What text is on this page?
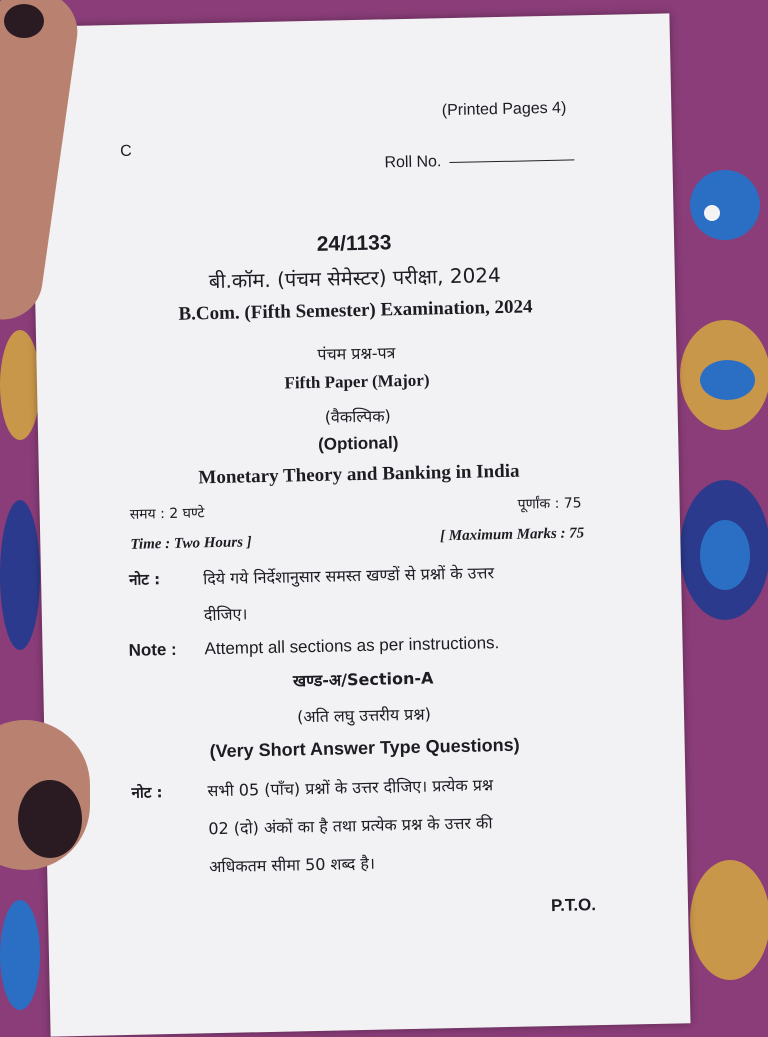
(Printed Pages 4)
C
Roll No.
24/1133
बी.कॉम. (पंचम सेमेस्टर) परीक्षा, 2024
B.Com. (Fifth Semester) Examination, 2024
पंचम प्रश्न-पत्र
Fifth Paper (Major)
(वैकल्पिक)
(Optional)
Monetary Theory and Banking in India
समय : 2 घण्टे
पूर्णांक : 75
Time : Two Hours ]	[ Maximum Marks : 75
नोट :	दिये गये निर्देशानुसार समस्त खण्डों से प्रश्नों के उत्तर
दीजिए।
Note : Attempt all sections as per instructions.
खण्ड-अ/Section-A
(अति लघु उत्तरीय प्रश्न)
(Very Short Answer Type Questions)
नोट :	सभी 05 (पाँच) प्रश्नों के उत्तर दीजिए। प्रत्येक प्रश्न
02 (दो) अंकों का है तथा प्रत्येक प्रश्न के उत्तर की
अधिकतम सीमा 50 शब्द है।
P.T.O.
